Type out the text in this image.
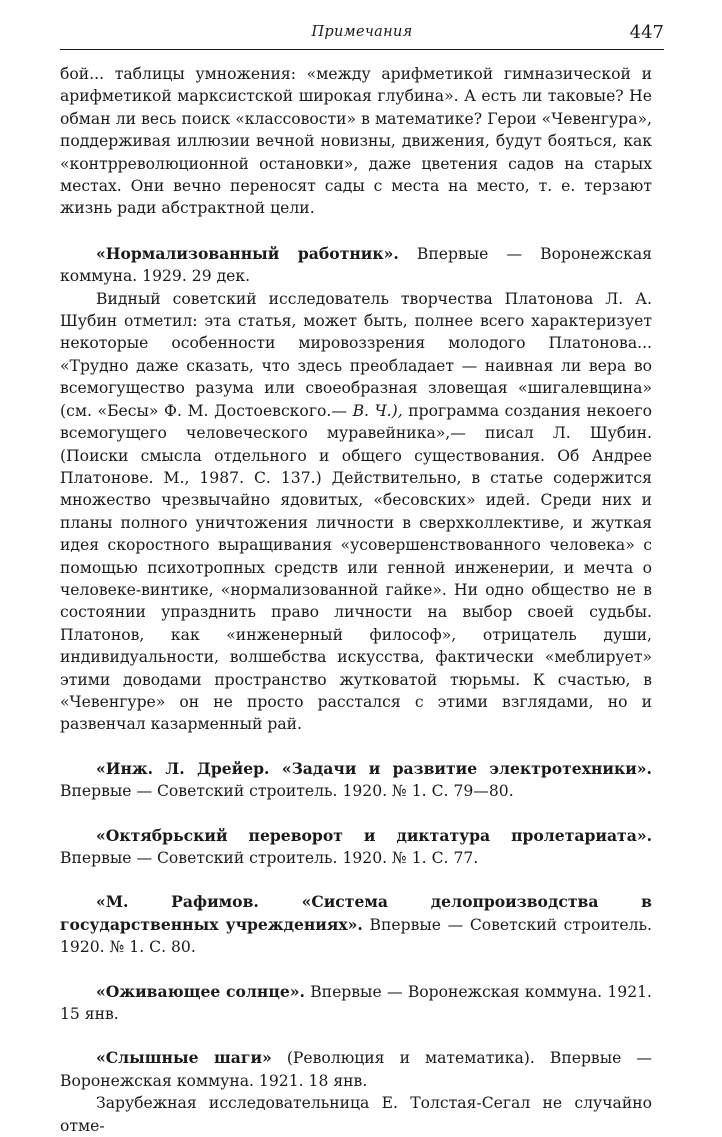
Примечания	447

бой... таблицы умножения: «между арифметикой гимназической и арифметикой марксистской широкая глубина». А есть ли таковые? Не обман ли весь поиск «классовости» в математике? Герои «Чевенгура», поддерживая иллюзии вечной новизны, движения, будут бояться, как «контрреволюционной остановки», даже цветения садов на старых местах. Они вечно переносят сады с места на место, т. е. терзают жизнь ради абстрактной цели.

«Нормализованный работник». Впервые — Воронежская коммуна. 1929. 29 дек.

Видный советский исследователь творчества Платонова Л. А. Шубин отметил: эта статья, может быть, полнее всего характеризует некоторые особенности мировоззрения молодого Платонова... «Трудно даже сказать, что здесь преобладает — наивная ли вера во всемогущество разума или своеобразная зловещая «шигалевщина» (см. «Бесы» Ф. М. Достоевского.— В. Ч.), программа создания некоего всемогущего человеческого муравейника»,— писал Л. Шубин. (Поиски смысла отдельного и общего существования. Об Андрее Платонове. М., 1987. С. 137.) Действительно, в статье содержится множество чрезвычайно ядовитых, «бесовских» идей. Среди них и планы полного уничтожения личности в сверхколлективе, и жуткая идея скоростного выращивания «усовершенствованного человека» с помощью психотропных средств или генной инженерии, и мечта о человеке-винтике, «нормализованной гайке». Ни одно общество не в состоянии упразднить право личности на выбор своей судьбы. Платонов, как «инженерный философ», отрицатель души, индивидуальности, волшебства искусства, фактически «меблирует» этими доводами пространство жутковатой тюрьмы. К счастью, в «Чевенгуре» он не просто расстался с этими взглядами, но и развенчал казарменный рай.

«Инж. Л. Дрейер. «Задачи и развитие электротехники». Впервые — Советский строитель. 1920. № 1. С. 79—80.

«Октябрьский переворот и диктатура пролетариата». Впервые — Советский строитель. 1920. № 1. С. 77.

«М. Рафимов. «Система делопроизводства в государственных учреждениях». Впервые — Советский строитель. 1920. № 1. С. 80.

«Оживающее солнце». Впервые — Воронежская коммуна. 1921. 15 янв.

«Слышные шаги» (Революция и математика). Впервые — Воронежская коммуна. 1921. 18 янв.

Зарубежная исследовательница Е. Толстая-Сегал не случайно отме-
